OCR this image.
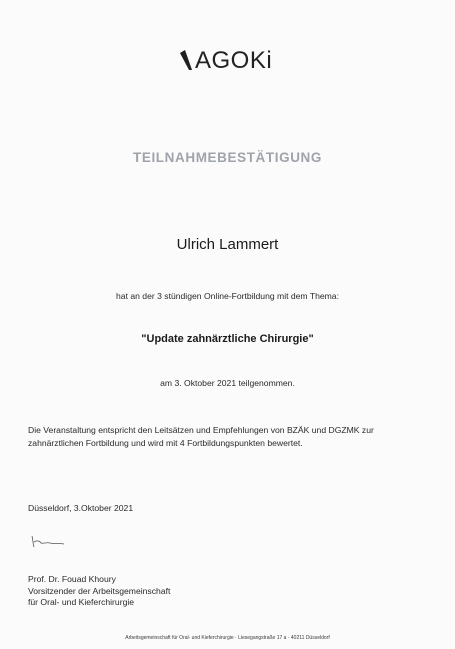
AGOKi
TEILNAHMEBESTÄTIGUNG
Ulrich Lammert
hat an der 3 stündigen Online-Fortbildung mit dem Thema:
"Update zahnärztliche Chirurgie"
am 3. Oktober 2021 teilgenommen.
Die Veranstaltung entspricht den Leitsätzen und Empfehlungen von BZÄK und DGZMK zur
zahnärztlichen Fortbildung und wird mit 4 Fortbildungspunkten bewertet.
Düsseldorf, 3.Oktober 2021
Prof. Dr. Fouad Khoury
Vorsitzender der Arbeitsgemeinschaft
für Oral- und Kieferchirurgie
Arbeitsgemeinschaft für Oral- und Kieferchirurgie · Liesegangstraße 17 a · 40211 Düsseldorf
